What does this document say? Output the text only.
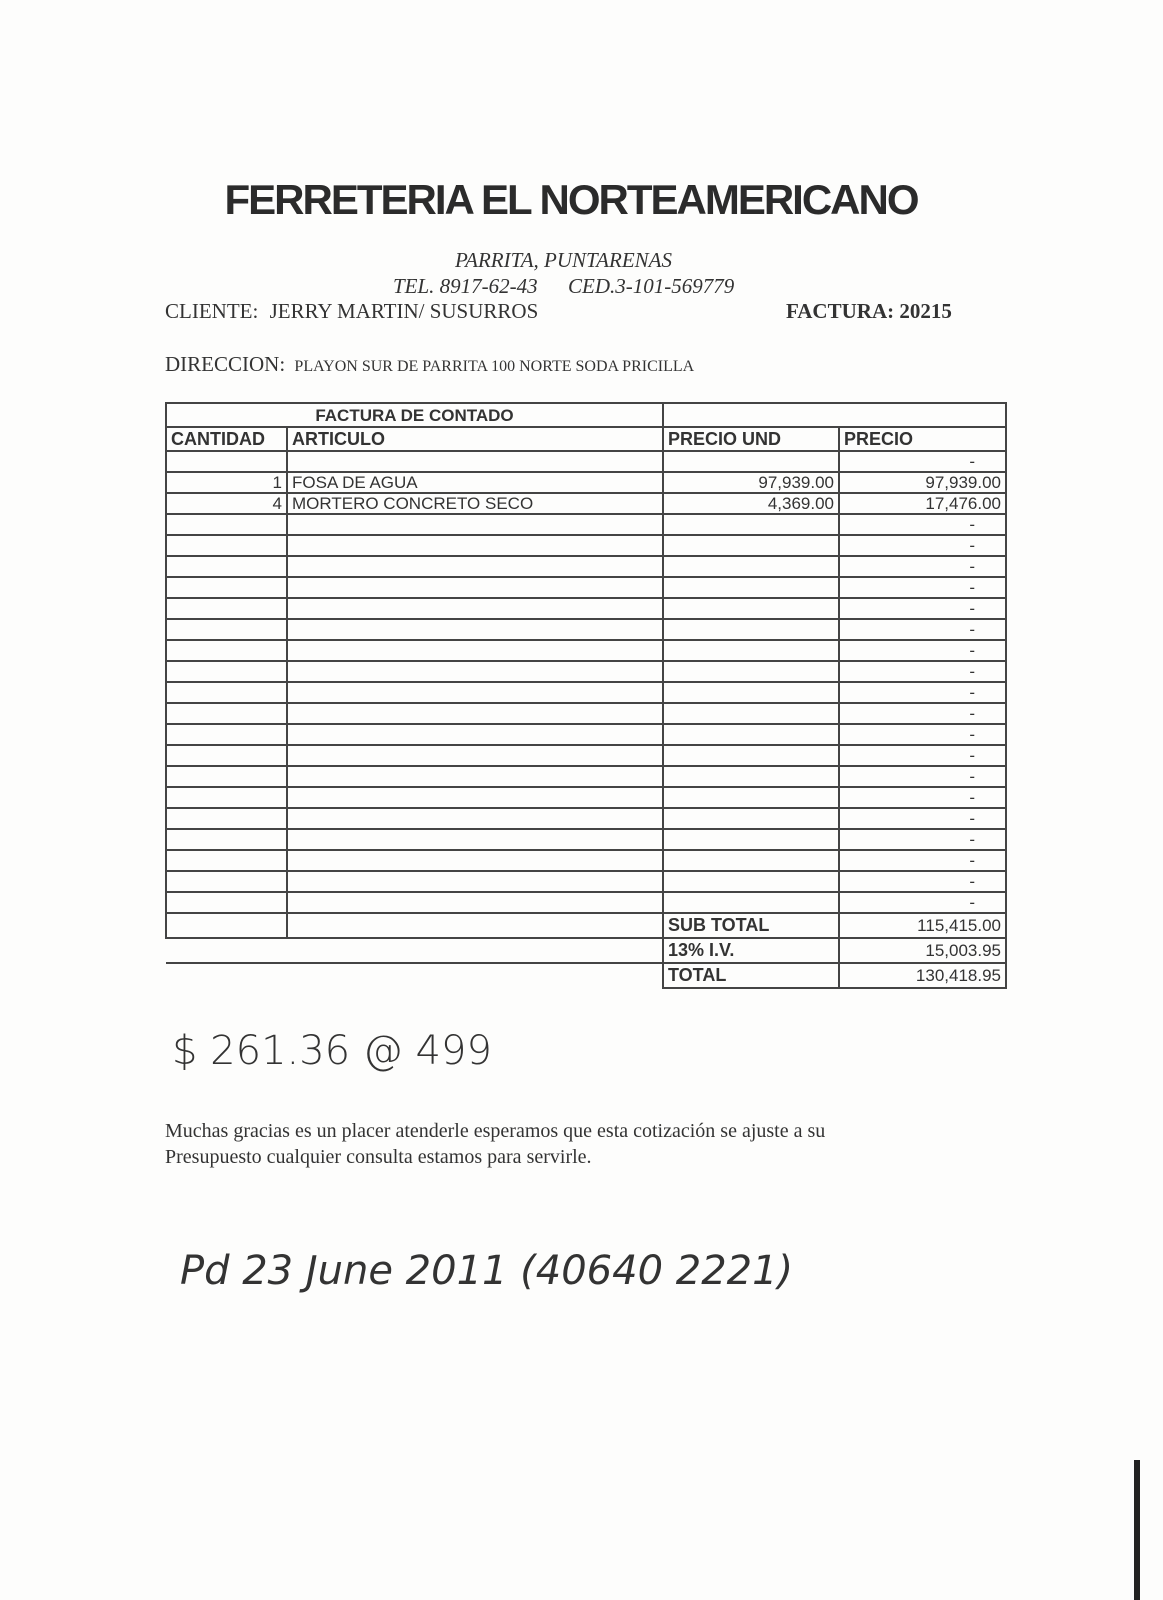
FERRETERIA EL NORTEAMERICANO
PARRITA, PUNTARENAS
TEL. 8917-62-43 CED.3-101-569779
CLIENTE: JERRY MARTIN/ SUSURROS	FACTURA: 20215
DIRECCION: PLAYON SUR DE PARRITA 100 NORTE SODA PRICILLA
FACTURA DE CONTADO			
CANTIDAD	ARTICULO	PRECIO UND	PRECIO
			-
1	FOSA DE AGUA	97,939.00	97,939.00
4	MORTERO CONCRETO SECO	4,369.00	17,476.00
			-
			-
			-
			-
			-
			-
			-
			-
			-
			-
			-
			-
			-
			-
			-
			-
			-
			-
			-
		SUB TOTAL	115,415.00
		13% I.V.	15,003.95
		TOTAL	130,418.95
$ 261.36 @ 499
Muchas gracias es un placer atenderle esperamos que esta cotización se ajuste a su
Presupuesto cualquier consulta estamos para servirle.
Pd 23 June 2011 (40640 2221)
